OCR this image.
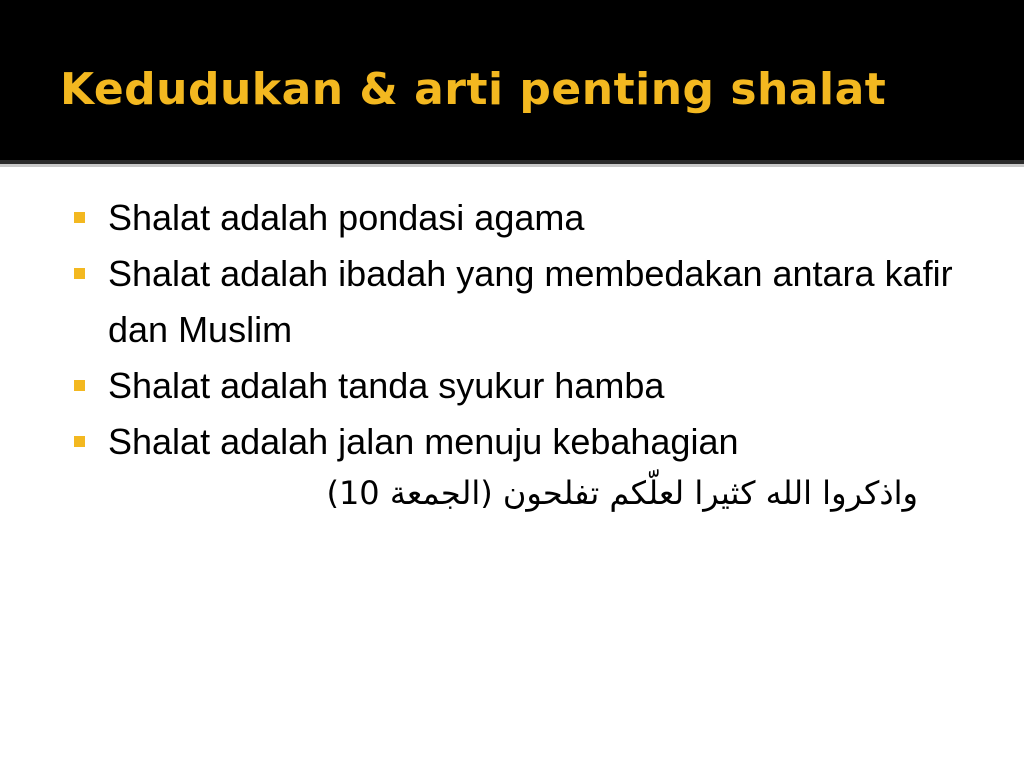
Kedudukan & arti penting shalat
Shalat adalah pondasi agama
Shalat adalah ibadah yang membedakan antara kafir dan Muslim
Shalat adalah tanda syukur hamba
Shalat adalah jalan menuju kebahagian
واذكروا الله كثيرا لعلّكم تفلحون (الجمعة 10)
